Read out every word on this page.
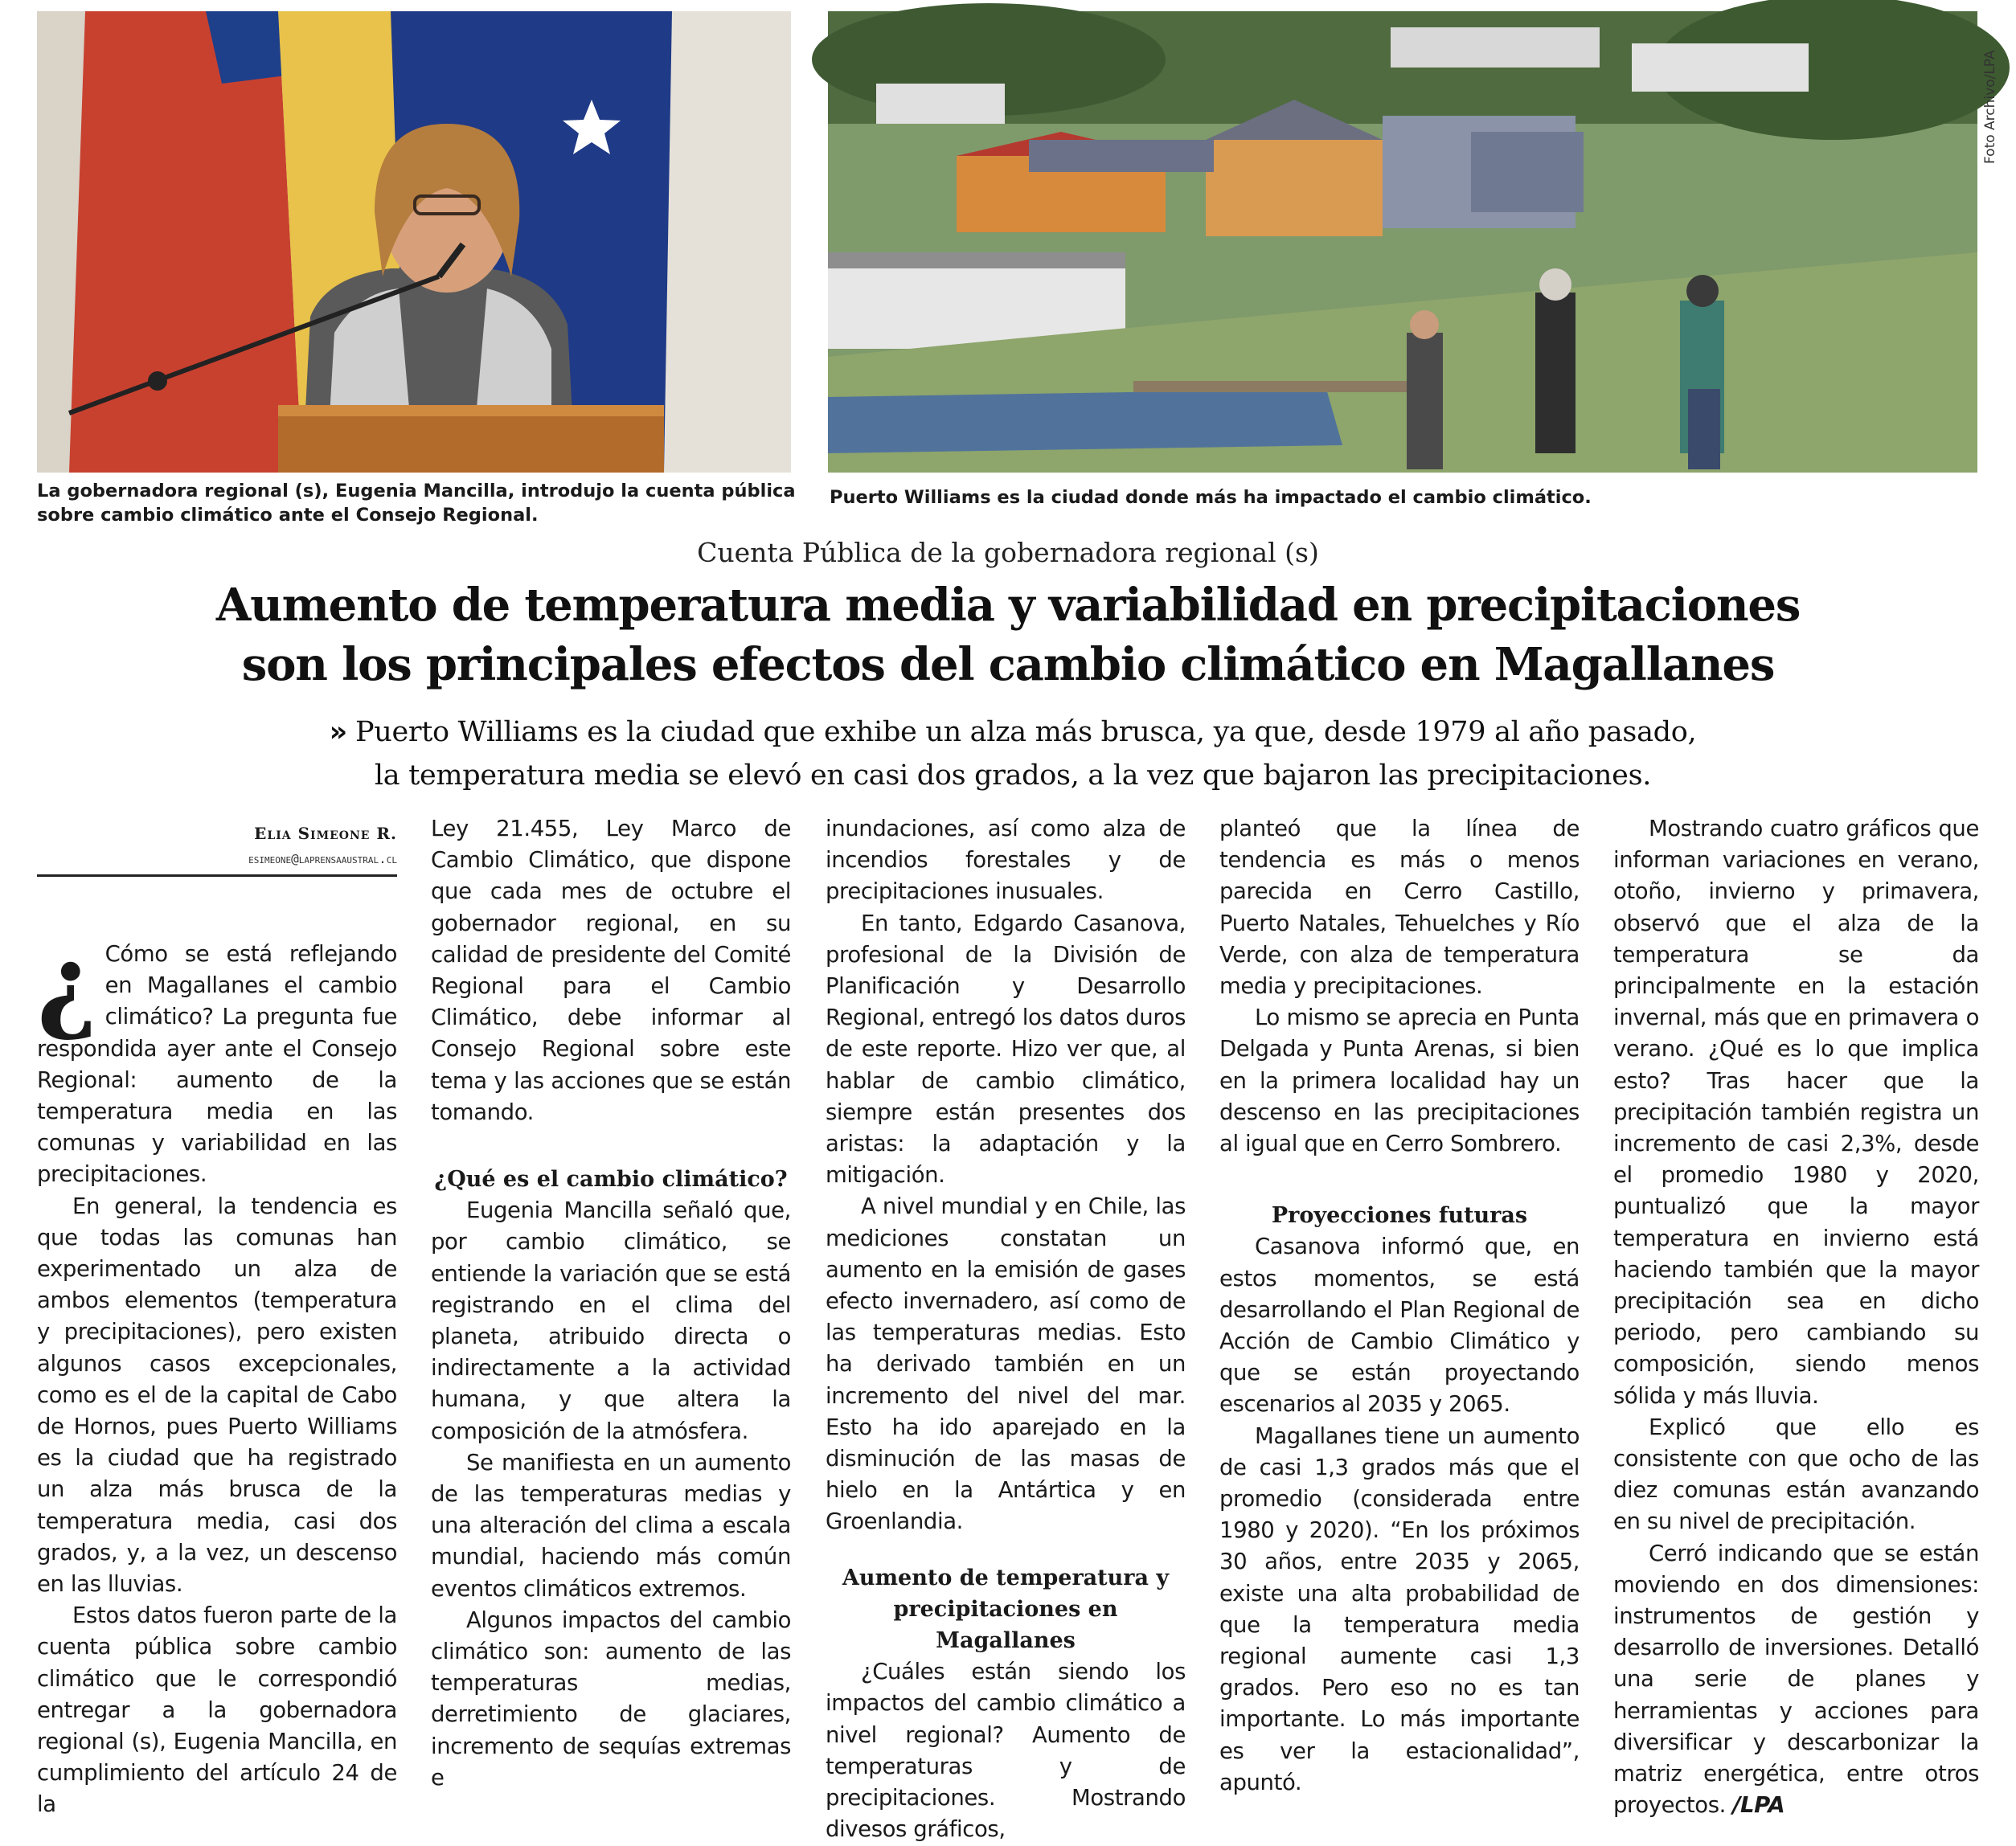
Foto Archivo/LPA
La gobernadora regional (s), Eugenia Mancilla, introdujo la cuenta pública sobre cambio climático ante el Consejo Regional.
Puerto Williams es la ciudad donde más ha impactado el cambio climático.
Cuenta Pública de la gobernadora regional (s)
Aumento de temperatura media y variabilidad en precipitaciones
son los principales efectos del cambio climático en Magallanes
» Puerto Williams es la ciudad que exhibe un alza más brusca, ya que, desde 1979 al año pasado,
la temperatura media se elevó en casi dos grados, a la vez que bajaron las precipitaciones.
Elia Simeone R.
esimeone@laprensaaustral.cl

¿ Cómo se está reflejando en Magallanes el cambio climático? La pregunta fue respondida ayer ante el Consejo Regional: aumento de la temperatura media en las comunas y variabilidad en las precipitaciones.

En general, la tendencia es que todas las comunas han experimentado un alza de ambos elementos (temperatura y precipitaciones), pero existen algunos casos excepcionales, como es el de la capital de Cabo de Hornos, pues Puerto Williams es la ciudad que ha registrado un alza más brusca de la temperatura media, casi dos grados, y, a la vez, un descenso en las lluvias.

Estos datos fueron parte de la cuenta pública sobre cambio climático que le correspondió entregar a la gobernadora regional (s), Eugenia Mancilla, en cumplimiento del artículo 24 de la

Ley 21.455, Ley Marco de Cambio Climático, que dispone que cada mes de octubre el gobernador regional, en su calidad de presidente del Comité Regional para el Cambio Climático, debe informar al Consejo Regional sobre este tema y las acciones que se están tomando.

¿Qué es el cambio climático?

Eugenia Mancilla señaló que, por cambio climático, se entiende la variación que se está registrando en el clima del planeta, atribuido directa o indirectamente a la actividad humana, y que altera la composición de la atmósfera.

Se manifiesta en un aumento de las temperaturas medias y una alteración del clima a escala mundial, haciendo más común eventos climáticos extremos.

Algunos impactos del cambio climático son: aumento de las temperaturas medias, derretimiento de glaciares, incremento de sequías extremas e

inundaciones, así como alza de incendios forestales y de precipitaciones inusuales.

En tanto, Edgardo Casanova, profesional de la División de Planificación y Desarrollo Regional, entregó los datos duros de este reporte. Hizo ver que, al hablar de cambio climático, siempre están presentes dos aristas: la adaptación y la mitigación.

A nivel mundial y en Chile, las mediciones constatan un aumento en la emisión de gases efecto invernadero, así como de las temperaturas medias. Esto ha derivado también en un incremento del nivel del mar. Esto ha ido aparejado en la disminución de las masas de hielo en la Antártica y en Groenlandia.

Aumento de temperatura y precipitaciones en Magallanes

¿Cuáles están siendo los impactos del cambio climático a nivel regional? Aumento de temperaturas y de precipitaciones. Mostrando divesos gráficos,

planteó que la línea de tendencia es más o menos parecida en Cerro Castillo, Puerto Natales, Tehuelches y Río Verde, con alza de temperatura media y precipitaciones.

Lo mismo se aprecia en Punta Delgada y Punta Arenas, si bien en la primera localidad hay un descenso en las precipitaciones al igual que en Cerro Sombrero.

Proyecciones futuras

Casanova informó que, en estos momentos, se está desarrollando el Plan Regional de Acción de Cambio Climático y que se están proyectando escenarios al 2035 y 2065.

Magallanes tiene un aumento de casi 1,3 grados más que el promedio (considerada entre 1980 y 2020). “En los próximos 30 años, entre 2035 y 2065, existe una alta probabilidad de que la temperatura media regional aumente casi 1,3 grados. Pero eso no es tan importante. Lo más importante es ver la estacionalidad”, apuntó.

Mostrando cuatro gráficos que informan variaciones en verano, otoño, invierno y primavera, observó que el alza de la temperatura se da principalmente en la estación invernal, más que en primavera o verano. ¿Qué es lo que implica esto? Tras hacer que la precipitación también registra un incremento de casi 2,3%, desde el promedio 1980 y 2020, puntualizó que la mayor temperatura en invierno está haciendo también que la mayor precipitación sea en dicho periodo, pero cambiando su composición, siendo menos sólida y más lluvia.

Explicó que ello es consistente con que ocho de las diez comunas están avanzando en su nivel de precipitación.

Cerró indicando que se están moviendo en dos dimensiones: instrumentos de gestión y desarrollo de inversiones. Detalló una serie de planes y herramientas y acciones para diversificar y descarbonizar la matriz energética, entre otros proyectos. /LPA
